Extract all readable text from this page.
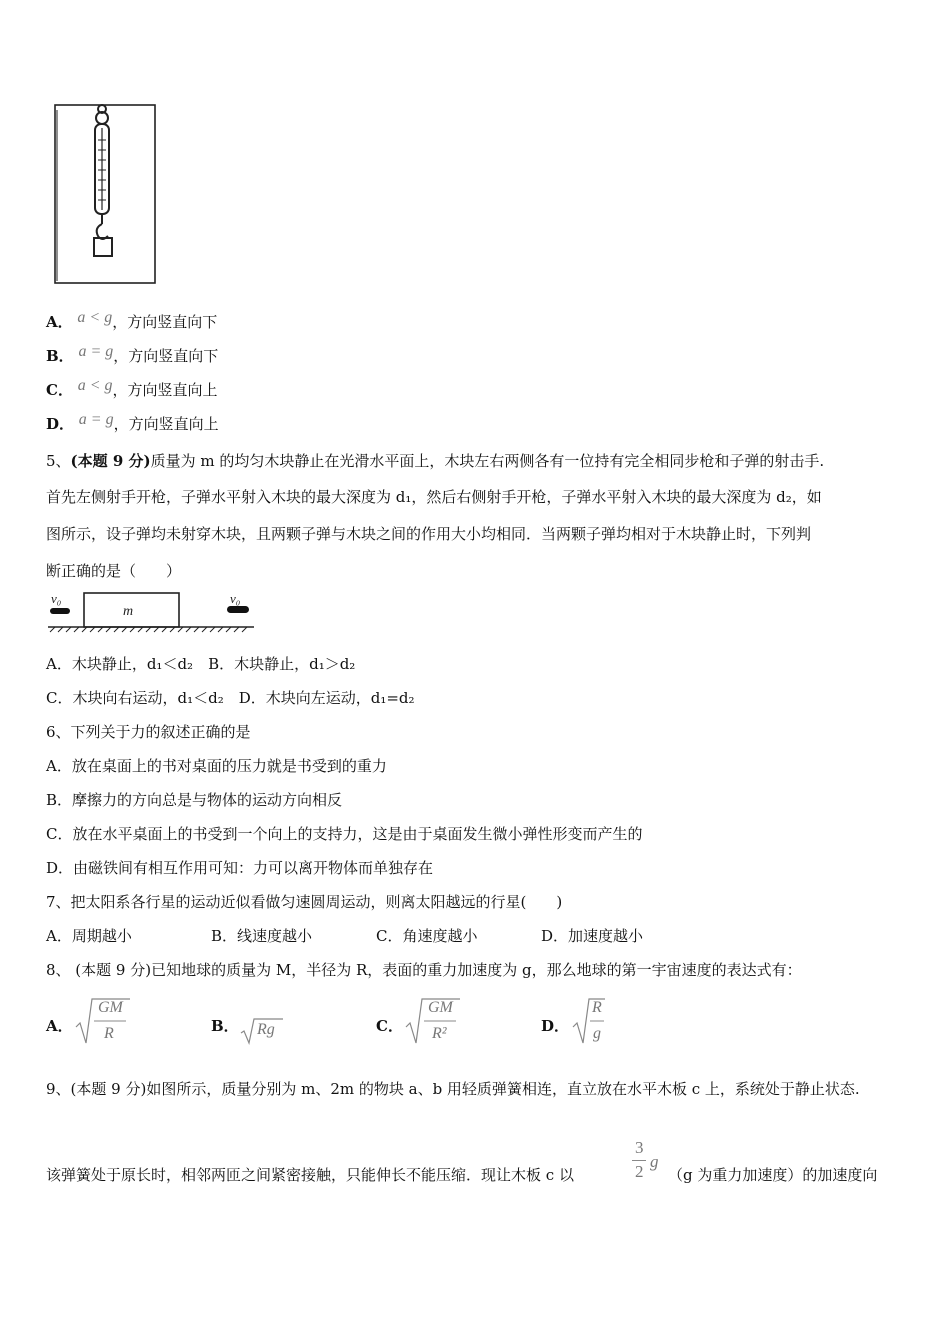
A． a < g，方向竖直向下
B． a = g，方向竖直向下
C． a < g，方向竖直向上
D． a = g，方向竖直向上
5、(本题 9 分)质量为 m 的均匀木块静止在光滑水平面上，木块左右两侧各有一位持有完全相同步枪和子弹的射击手.
首先左侧射手开枪，子弹水平射入木块的最大深度为 d₁，然后右侧射手开枪，子弹水平射入木块的最大深度为 d₂，如
图所示，设子弹均未射穿木块，且两颗子弹与木块之间的作用大小均相同．当两颗子弹均相对于木块静止时，下列判
断正确的是（　　）
v₀
m
v₀
A．木块静止，d₁＜d₂　B．木块静止，d₁＞d₂
C．木块向右运动，d₁＜d₂　D．木块向左运动，d₁=d₂
6、下列关于力的叙述正确的是
A．放在桌面上的书对桌面的压力就是书受到的重力
B．摩擦力的方向总是与物体的运动方向相反
C．放在水平桌面上的书受到一个向上的支持力，这是由于桌面发生微小弹性形变而产生的
D．由磁铁间有相互作用可知：力可以离开物体而单独存在
7、把太阳系各行星的运动近似看做匀速圆周运动，则离太阳越远的行星(　　)
A．周期越小	B．线速度越小	C．角速度越小	D．加速度越小
8、 (本题 9 分)已知地球的质量为 M，半径为 R，表面的重力加速度为 g，那么地球的第一宇宙速度的表达式有：
A．
GM
R	B． Rg	C．
GM
R²	D．
R
g
9、(本题 9 分)如图所示，质量分别为 m、2m 的物块 a、b 用轻质弹簧相连，直立放在水平木板 c 上，系统处于静止状态.
该弹簧处于原长时，相邻两匝之间紧密接触，只能伸长不能压缩．现让木板 c 以
3
2
g
（g 为重力加速度）的加速度向
